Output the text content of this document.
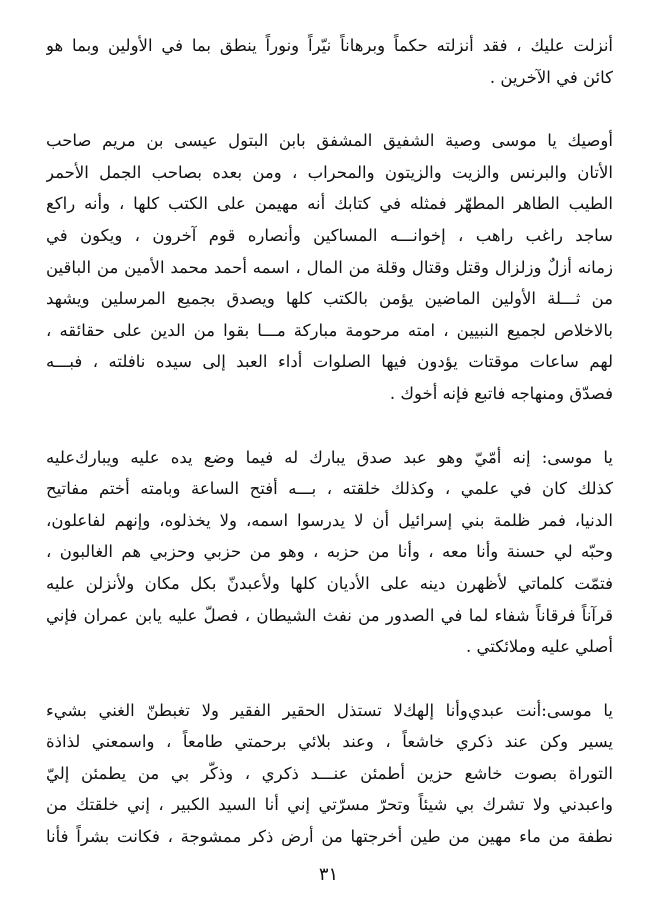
أنزلت عليك ، فقد أنزلته حكماً وبرهاناً نيّراً ونوراً ينطق بما في الأولين وبما هو
كائن في الآخرين .

أوصيك يا موسى وصية الشفيق المشفق بابن البتول عيسى بن مريم صاحب
الأتان والبرنس والزيت والزيتون والمحراب ، ومن بعده بصاحب الجمل الأحمر
الطيب الطاهر المطهّر فمثله في كتابك أنه مهيمن على الكتب كلها ، وأنه راكع
ساجد راغب راهب ، إخوانـــه المساكين وأنصاره قوم آخرون ، ويكون في
زمانه أزلٌ وزلزال وقتل وقتال وقلة من المال ، اسمه أحمد محمد الأمين من الباقين
من ثـــلة الأولين الماضين يؤمن بالكتب كلها ويصدق بجميع المرسلين ويشهد
بالاخلاص لجميع النبيين ، امته مرحومة مباركة مـــا بقوا من الدين على حقائقه ،
لهم ساعات موقتات يؤدون فيها الصلوات أداء العبد إلى سيده نافلته ، فبـــه
فصدّق ومنهاجه فاتبع فإنه أخوك .

يا موسى: إنه أمّيّ وهو عبد صدق يبارك له فيما وضع يده عليه ويبارك‌عليه
كذلك كان في علمي ، وكذلك خلقته ، بـــه أفتح الساعة وبامته أختم مفاتيح
الدنيا، فمر ظلمة بني إسرائيل أن لا يدرسوا اسمه، ولا يخذلوه، وإنهم لفاعلون،
وحبّه لي حسنة وأنا معه ، وأنا من حزبه ، وهو من حزبي وحزبي هم الغالبون ،
فتمّت كلماتي لأظهرن دينه على الأديان كلها ولأعبدنّ بكل مكان ولأنزلن عليه
قرآناً فرقاناً شفاء لما في الصدور من نفث الشيطان ، فصلّ عليه يابن عمران فإني
أصلي عليه وملائكتي .

يا موسى:أنت عبدي‌وأنا إلهك‌لا تستذل الحقير الفقير ولا تغبطنّ الغني بشيء
يسير وكن عند ذكري خاشعاً ، وعند بلائي برحمتي طامعاً ، واسمعني لذاذة
التوراة بصوت خاشع حزين أطمئن عنـــد ذكري ، وذكّر بي من يطمئن إليّ
واعبدني ولا تشرك بي شيئاً وتحرّ مسرّتي إني أنا السيد الكبير ، إني خلقتك من
نطفة من ماء مهين من طين أخرجتها من أرض ذكر ممشوجة ، فكانت بشراً فأنا

٣١
